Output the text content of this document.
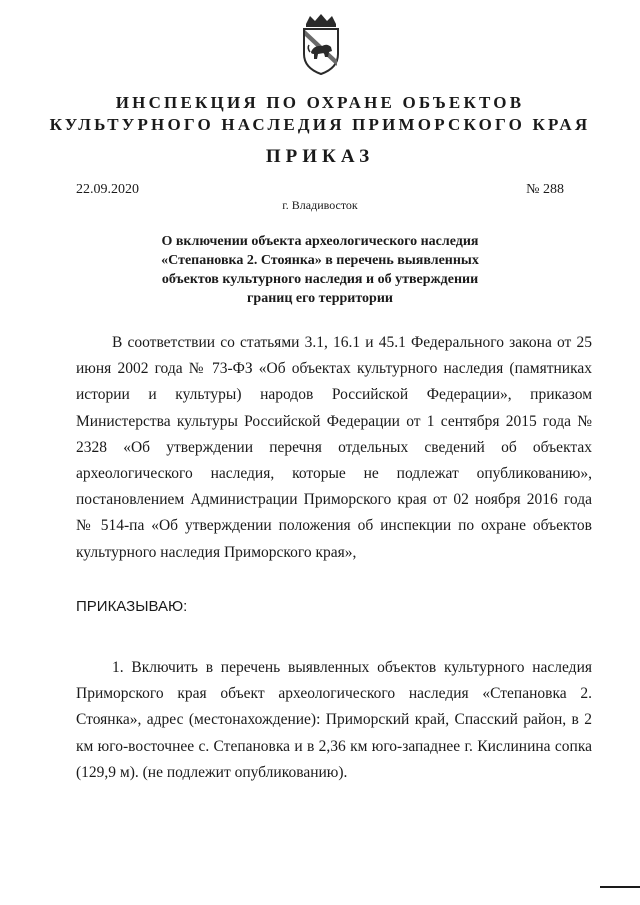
ИНСПЕКЦИЯ ПО ОХРАНЕ ОБЪЕКТОВ
КУЛЬТУРНОГО НАСЛЕДИЯ ПРИМОРСКОГО КРАЯ
ПРИКАЗ
22.09.2020	№ 288
г. Владивосток
О включении объекта археологического наследия
«Степановка 2. Стоянка» в перечень выявленных
объектов культурного наследия и об утверждении
границ его территории
В соответствии со статьями 3.1, 16.1 и 45.1 Федерального закона от 25 июня 2002 года № 73-ФЗ «Об объектах культурного наследия (памятниках истории и культуры) народов Российской Федерации», приказом Министерства культуры Российской Федерации от 1 сентября 2015 года № 2328 «Об утверждении перечня отдельных сведений об объектах археологического наследия, которые не подлежат опубликованию», постановлением Администрации Приморского края от 02 ноября 2016 года № 514-па «Об утверждении положения об инспекции по охране объектов культурного наследия Приморского края»,
ПРИКАЗЫВАЮ:
1. Включить в перечень выявленных объектов культурного наследия Приморского края объект археологического наследия «Степановка 2. Стоянка», адрес (местонахождение): Приморский край, Спасский район, в 2 км юго-восточнее с. Степановка и в 2,36 км юго-западнее г. Кислинина сопка (129,9 м). (не подлежит опубликованию).
